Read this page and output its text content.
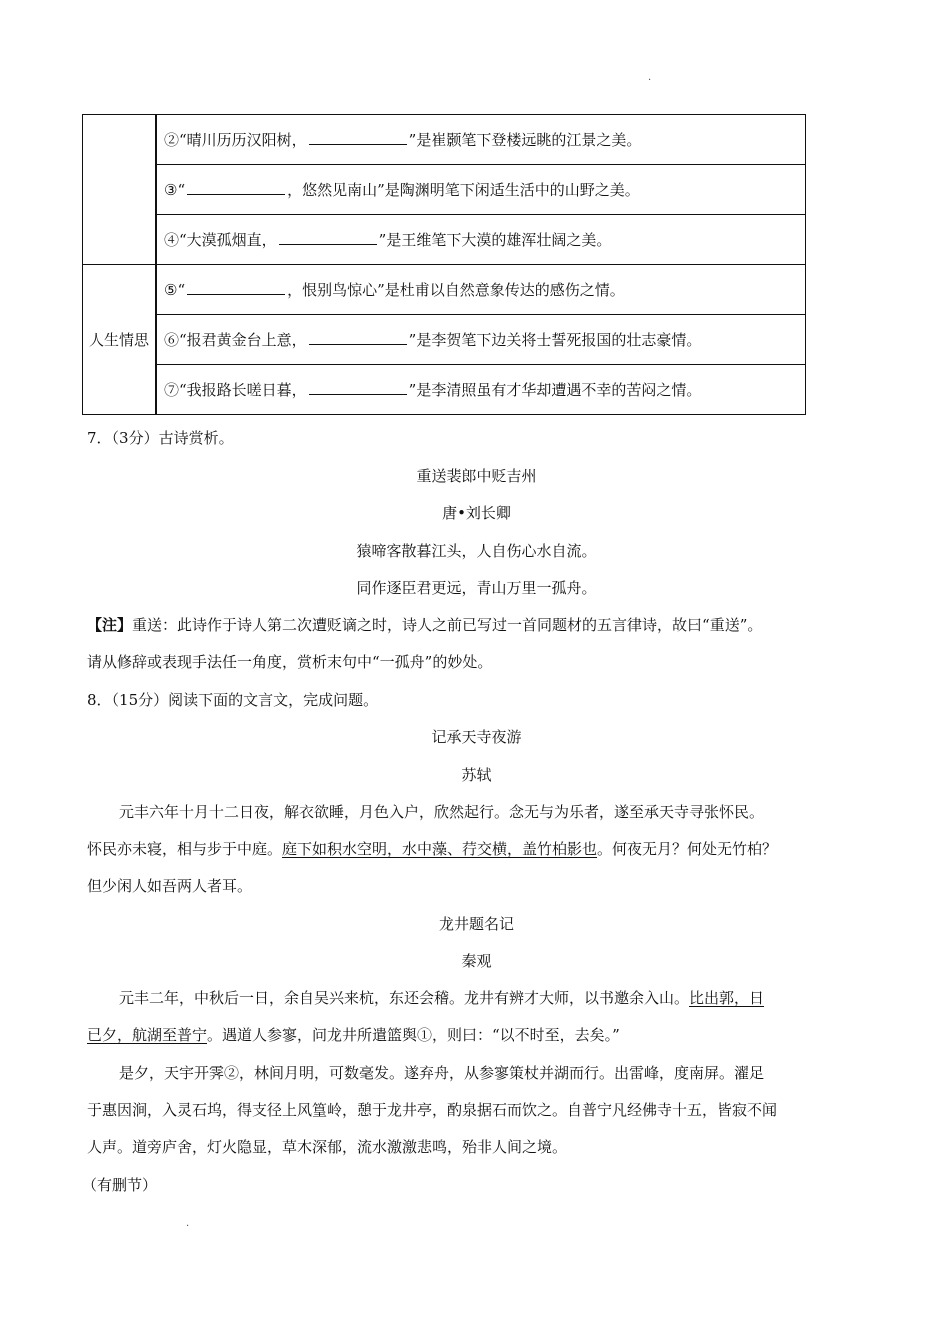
.
	②“晴川历历汉阳树， ”是崔颢笔下登楼远眺的江景之美。
	③“ ，悠然见南山”是陶渊明笔下闲适生活中的山野之美。
	④“大漠孤烟直， ”是王维笔下大漠的雄浑壮阔之美。
人生情思	⑤“ ，恨别鸟惊心”是杜甫以自然意象传达的感伤之情。
	⑥“报君黄金台上意， ”是李贺笔下边关将士誓死报国的壮志豪情。
	⑦“我报路长嗟日暮， ”是李清照虽有才华却遭遇不幸的苦闷之情。
7．（3分）古诗赏析。
重送裴郎中贬吉州
唐•刘长卿
猿啼客散暮江头，人自伤心水自流。
同作逐臣君更远，青山万里一孤舟。
【注】重送：此诗作于诗人第二次遭贬谪之时，诗人之前已写过一首同题材的五言律诗，故曰“重送”。
请从修辞或表现手法任一角度，赏析末句中“一孤舟”的妙处。
8．（15分）阅读下面的文言文，完成问题。
记承天寺夜游
苏轼
元丰六年十月十二日夜，解衣欲睡，月色入户，欣然起行。念无与为乐者，遂至承天寺寻张怀民。
怀民亦未寝，相与步于中庭。庭下如积水空明，水中藻、荇交横，盖竹柏影也。何夜无月？何处无竹柏？
但少闲人如吾两人者耳。
龙井题名记
秦观
元丰二年，中秋后一日，余自吴兴来杭，东还会稽。龙井有辨才大师，以书邀余入山。比出郭，日
已夕，航湖至普宁。遇道人参寥，问龙井所遣篮舆①，则曰：“以不时至，去矣。”
是夕，天宇开霁②，林间月明，可数毫发。遂弃舟，从参寥策杖并湖而行。出雷峰，度南屏。濯足
于惠因涧，入灵石坞，得支径上风篁岭，憩于龙井亭，酌泉据石而饮之。自普宁凡经佛寺十五，皆寂不闻
人声。道旁庐舍，灯火隐显，草木深郁，流水激激悲鸣，殆非人间之境。
（有删节）
.
